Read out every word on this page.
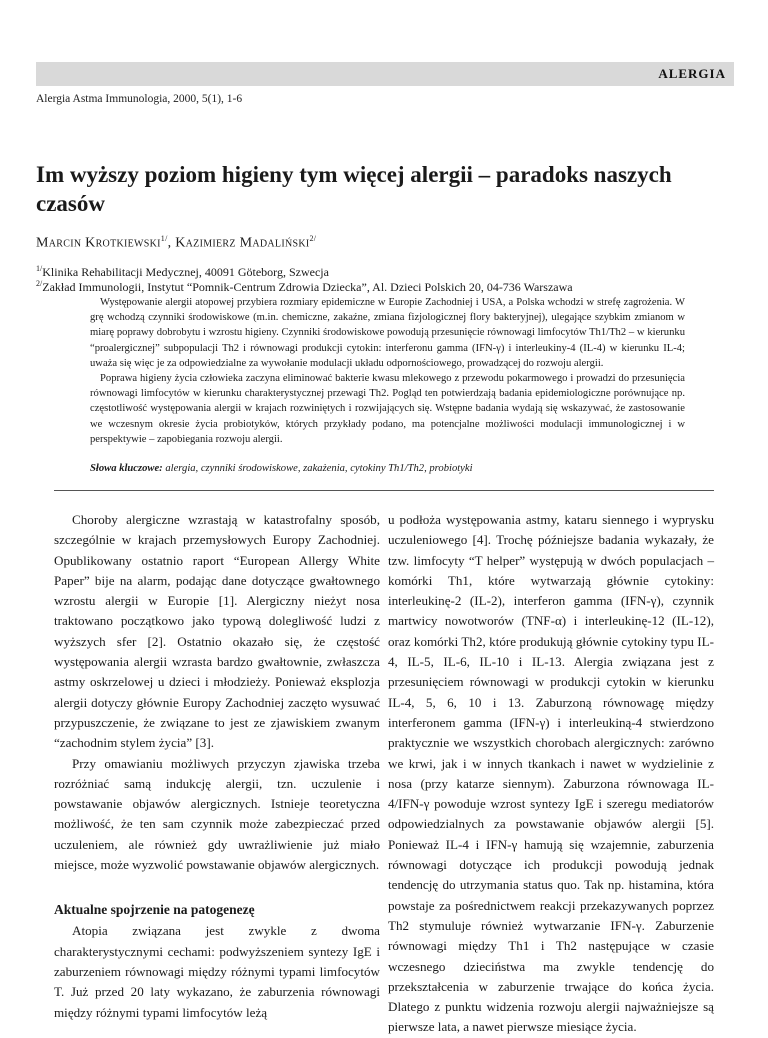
ALERGIA
Alergia Astma Immunologia, 2000, 5(1), 1-6
Im wyższy poziom higieny tym więcej alergii – paradoks naszych czasów
Marcin Krotkiewski$^{1/}$, Kazimierz Madaliński$^{2/}$
$^{1/}$Klinika Rehabilitacji Medycznej, 40091 Göteborg, Szwecja
$^{2/}$Zakład Immunologii, Instytut “Pomnik-Centrum Zdrowia Dziecka”, Al. Dzieci Polskich 20, 04-736 Warszawa

Występowanie alergii atopowej przybiera rozmiary epidemiczne w Europie Zachodniej i USA, a Polska wchodzi w strefę zagrożenia. W grę wchodzą czynniki środowiskowe (m.in. chemiczne, zakaźne, zmiana fizjologicznej flory bakteryjnej), ulegające szybkim zmianom w miarę poprawy dobrobytu i wzrostu higieny. Czynniki środowiskowe powodują przesunięcie równowagi limfocytów Th1/Th2 – w kierunku “proalergicznej” subpopulacji Th2 i równowagi produkcji cytokin: interferonu gamma (IFN-γ) i interleukiny-4 (IL-4) w kierunku IL-4; uważa się więc je za odpowiedzialne za wywołanie modulacji układu odpornościowego, prowadzącej do rozwoju alergii.

Poprawa higieny życia człowieka zaczyna eliminować bakterie kwasu mlekowego z przewodu pokarmowego i prowadzi do przesunięcia równowagi limfocytów w kierunku charakterystycznej przewagi Th2. Pogląd ten potwierdzają badania epidemiologiczne porównujące np. częstotliwość występowania alergii w krajach rozwiniętych i rozwijających się. Wstępne badania wydają się wskazywać, że zastosowanie we wczesnym okresie życia probiotyków, których przykłady podano, ma potencjalne możliwości modulacji immunologicznej i w perspektywie – zapobiegania rozwoju alergii.

Słowa kluczowe: alergia, czynniki środowiskowe, zakażenia, cytokiny Th1/Th2, probiotyki

Choroby alergiczne wzrastają w katastrofalny sposób, szczególnie w krajach przemysłowych Europy Zachodniej. Opublikowany ostatnio raport “European Allergy White Paper” bije na alarm, podając dane dotyczące gwałtownego wzrostu alergii w Europie [1]. Alergiczny nieżyt nosa traktowano początkowo jako typową dolegliwość ludzi z wyższych sfer [2]. Ostatnio okazało się, że częstość występowania alergii wzrasta bardzo gwałtownie, zwłaszcza astmy oskrzelowej u dzieci i młodzieży. Ponieważ eksplozja alergii dotyczy głównie Europy Zachodniej zaczęto wysuwać przypuszczenie, że związane to jest ze zjawiskiem zwanym “zachodnim stylem życia” [3].

Przy omawianiu możliwych przyczyn zjawiska trzeba rozróżniać samą indukcję alergii, tzn. uczulenie i powstawanie objawów alergicznych. Istnieje teoretyczna możliwość, że ten sam czynnik może zabezpieczać przed uczuleniem, ale również gdy uwrażliwienie już miało miejsce, może wyzwolić powstawanie objawów alergicznych.

Aktualne spojrzenie na patogenezę

Atopia związana jest zwykle z dwoma charakterystycznymi cechami: podwyższeniem syntezy IgE i zaburzeniem równowagi między różnymi typami limfocytów T. Już przed 20 laty wykazano, że zaburzenia równowagi między różnymi typami limfocytów leżą

u podłoża występowania astmy, kataru siennego i wyprysku uczuleniowego [4]. Trochę późniejsze badania wykazały, że tzw. limfocyty “T helper” występują w dwóch populacjach – komórki Th1, które wytwarzają głównie cytokiny: interleukinę-2 (IL-2), interferon gamma (IFN-γ), czynnik martwicy nowotworów (TNF-α) i interleukinę-12 (IL-12), oraz komórki Th2, które produkują głównie cytokiny typu IL-4, IL-5, IL-6, IL-10 i IL-13. Alergia związana jest z przesunięciem równowagi w produkcji cytokin w kierunku IL-4, 5, 6, 10 i 13. Zaburzoną równowagę między interferonem gamma (IFN-γ) i interleukiną-4 stwierdzono praktycznie we wszystkich chorobach alergicznych: zarówno we krwi, jak i w innych tkankach i nawet w wydzielinie z nosa (przy katarze siennym). Zaburzona równowaga IL-4/IFN-γ powoduje wzrost syntezy IgE i szeregu mediatorów odpowiedzialnych za powstawanie objawów alergii [5]. Ponieważ IL-4 i IFN-γ hamują się wzajemnie, zaburzenia równowagi dotyczące ich produkcji powodują jednak tendencję do utrzymania status quo. Tak np. histamina, która powstaje za pośrednictwem reakcji przekazywanych poprzez Th2 stymuluje również wytwarzanie IFN-γ. Zaburzenie równowagi między Th1 i Th2 następujące w czasie wczesnego dzieciństwa ma zwykle tendencję do przekształcenia w zaburzenie trwające do końca życia. Dlatego z punktu widzenia rozwoju alergii najważniejsze są pierwsze lata, a nawet pierwsze miesiące życia.
